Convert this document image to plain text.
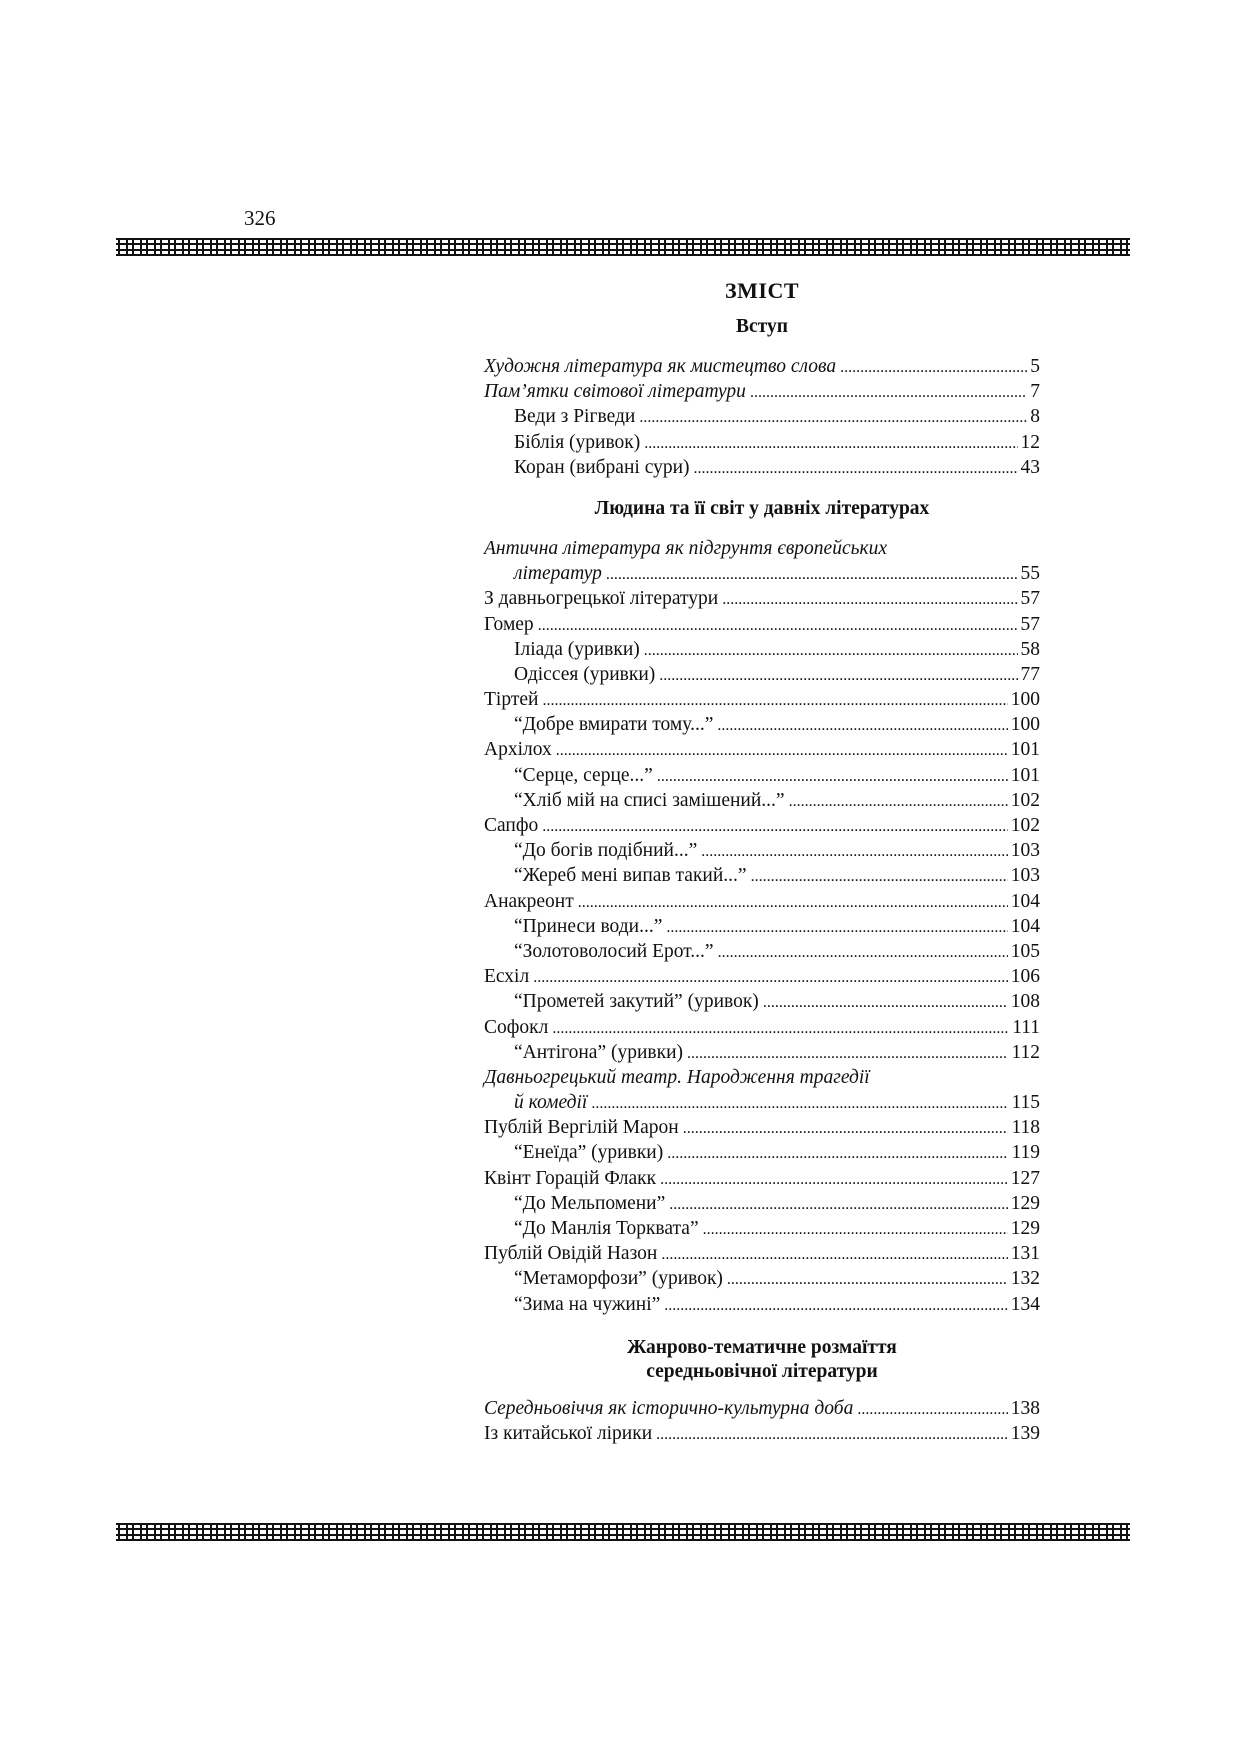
326
ЗМІСТ
Вступ
Художня література як мистецтво слова . . .	5
Пам’ятки світової літератури . . .	7
Веди з Рігведи . . .	8
Біблія (уривок) . . .	12
Коран (вибрані сури) . . .	43
Людина та її світ у давніх літературах
Антична література як підгрунтя європейських
літератур . . .	55
З давньогрецької літератури . . .	57
Гомер . . .	57
Іліада (уривки) . . .	58
Одіссея (уривки) . . .	77
Тіртей . . .	100
“Добре вмирати тому...” . . .	100
Архілох . . .	101
“Серце, серце...” . . .	101
“Хліб мій на списі замішений...” . . .	102
Сапфо . . .	102
“До богів подібний...” . . .	103
“Жереб мені випав такий...” . . .	103
Анакреонт . . .	104
“Принеси води...” . . .	104
“Золотоволосий Ерот...” . . .	105
Есхіл . . .	106
“Прометей закутий” (уривок) . . .	108
Софокл . . .	111
“Антігона” (уривки) . . .	112
Давньогрецький театр. Народження трагедії
й комедії . . .	115
Публій Вергілій Марон . . .	118
“Енеїда” (уривки) . . .	119
Квінт Горацій Флакк . . .	127
“До Мельпомени” . . .	129
“До Манлія Торквата” . . .	129
Публій Овідій Назон . . .	131
“Метаморфози” (уривок) . . .	132
“Зима на чужині” . . .	134
Жанрово-тематичне розмаїття
середньовічної літератури
Середньовіччя як історично-культурна доба . . .	138
Із китайської лірики . . .	139
